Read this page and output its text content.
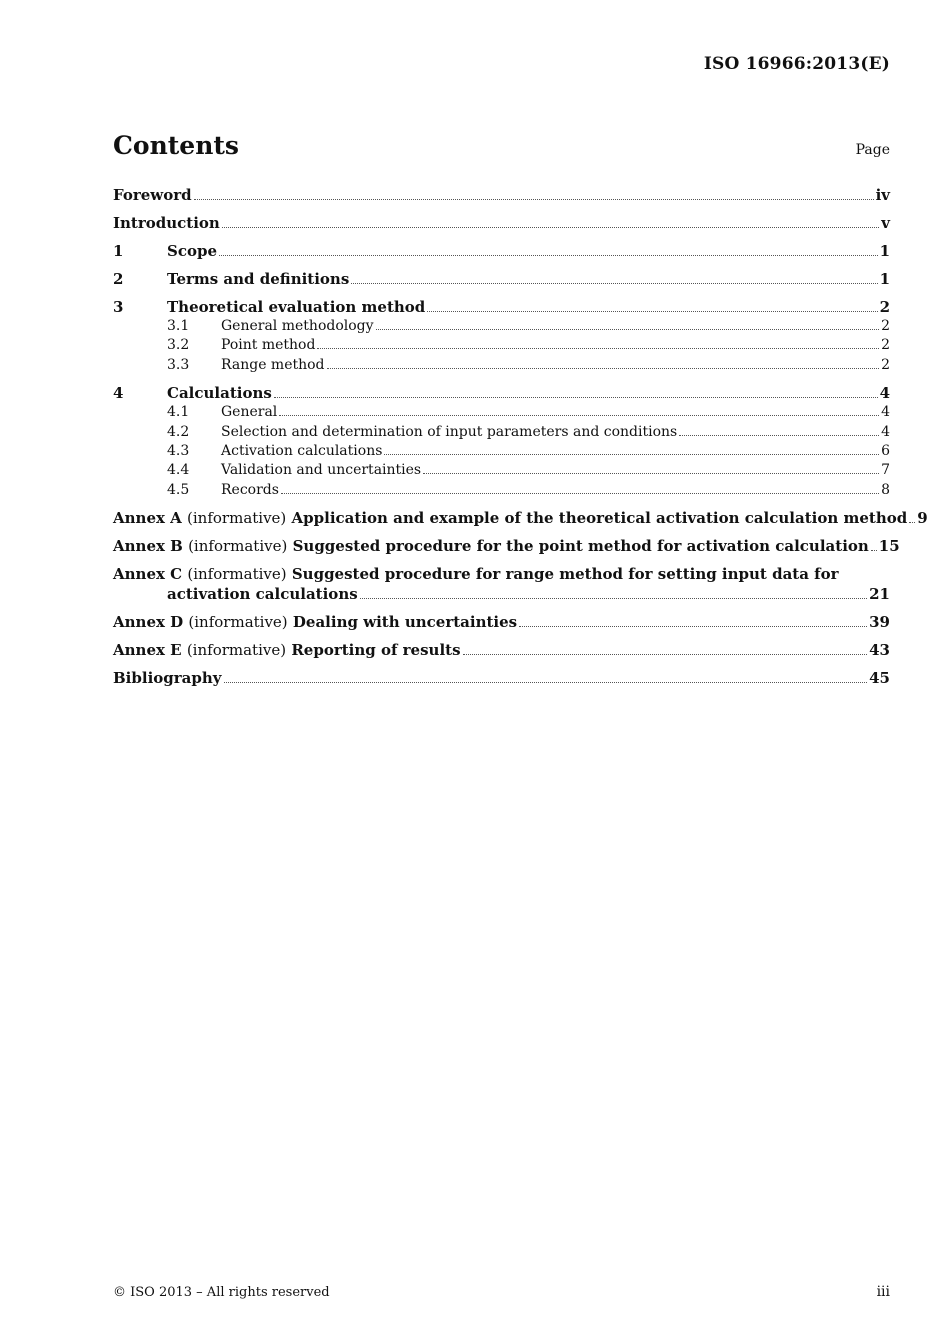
ISO 16966:2013(E)
Contents	Page
Foreword	iv
Introduction	v
1	Scope	1
2	Terms and definitions	1
3	Theoretical evaluation method	2
3.1	General methodology	2
3.2	Point method	2
3.3	Range method	2
4	Calculations	4
4.1	General	4
4.2	Selection and determination of input parameters and conditions	4
4.3	Activation calculations	6
4.4	Validation and uncertainties	7
4.5	Records	8
Annex A (informative) Application and example of the theoretical activation calculation method 9
Annex B (informative) Suggested procedure for the point method for activation calculation 15
Annex C (informative) Suggested procedure for range method for setting input data for
activation calculations	21
Annex D (informative) Dealing with uncertainties	39
Annex E (informative) Reporting of results	43
Bibliography	45
© ISO 2013 – All rights reserved	iii
